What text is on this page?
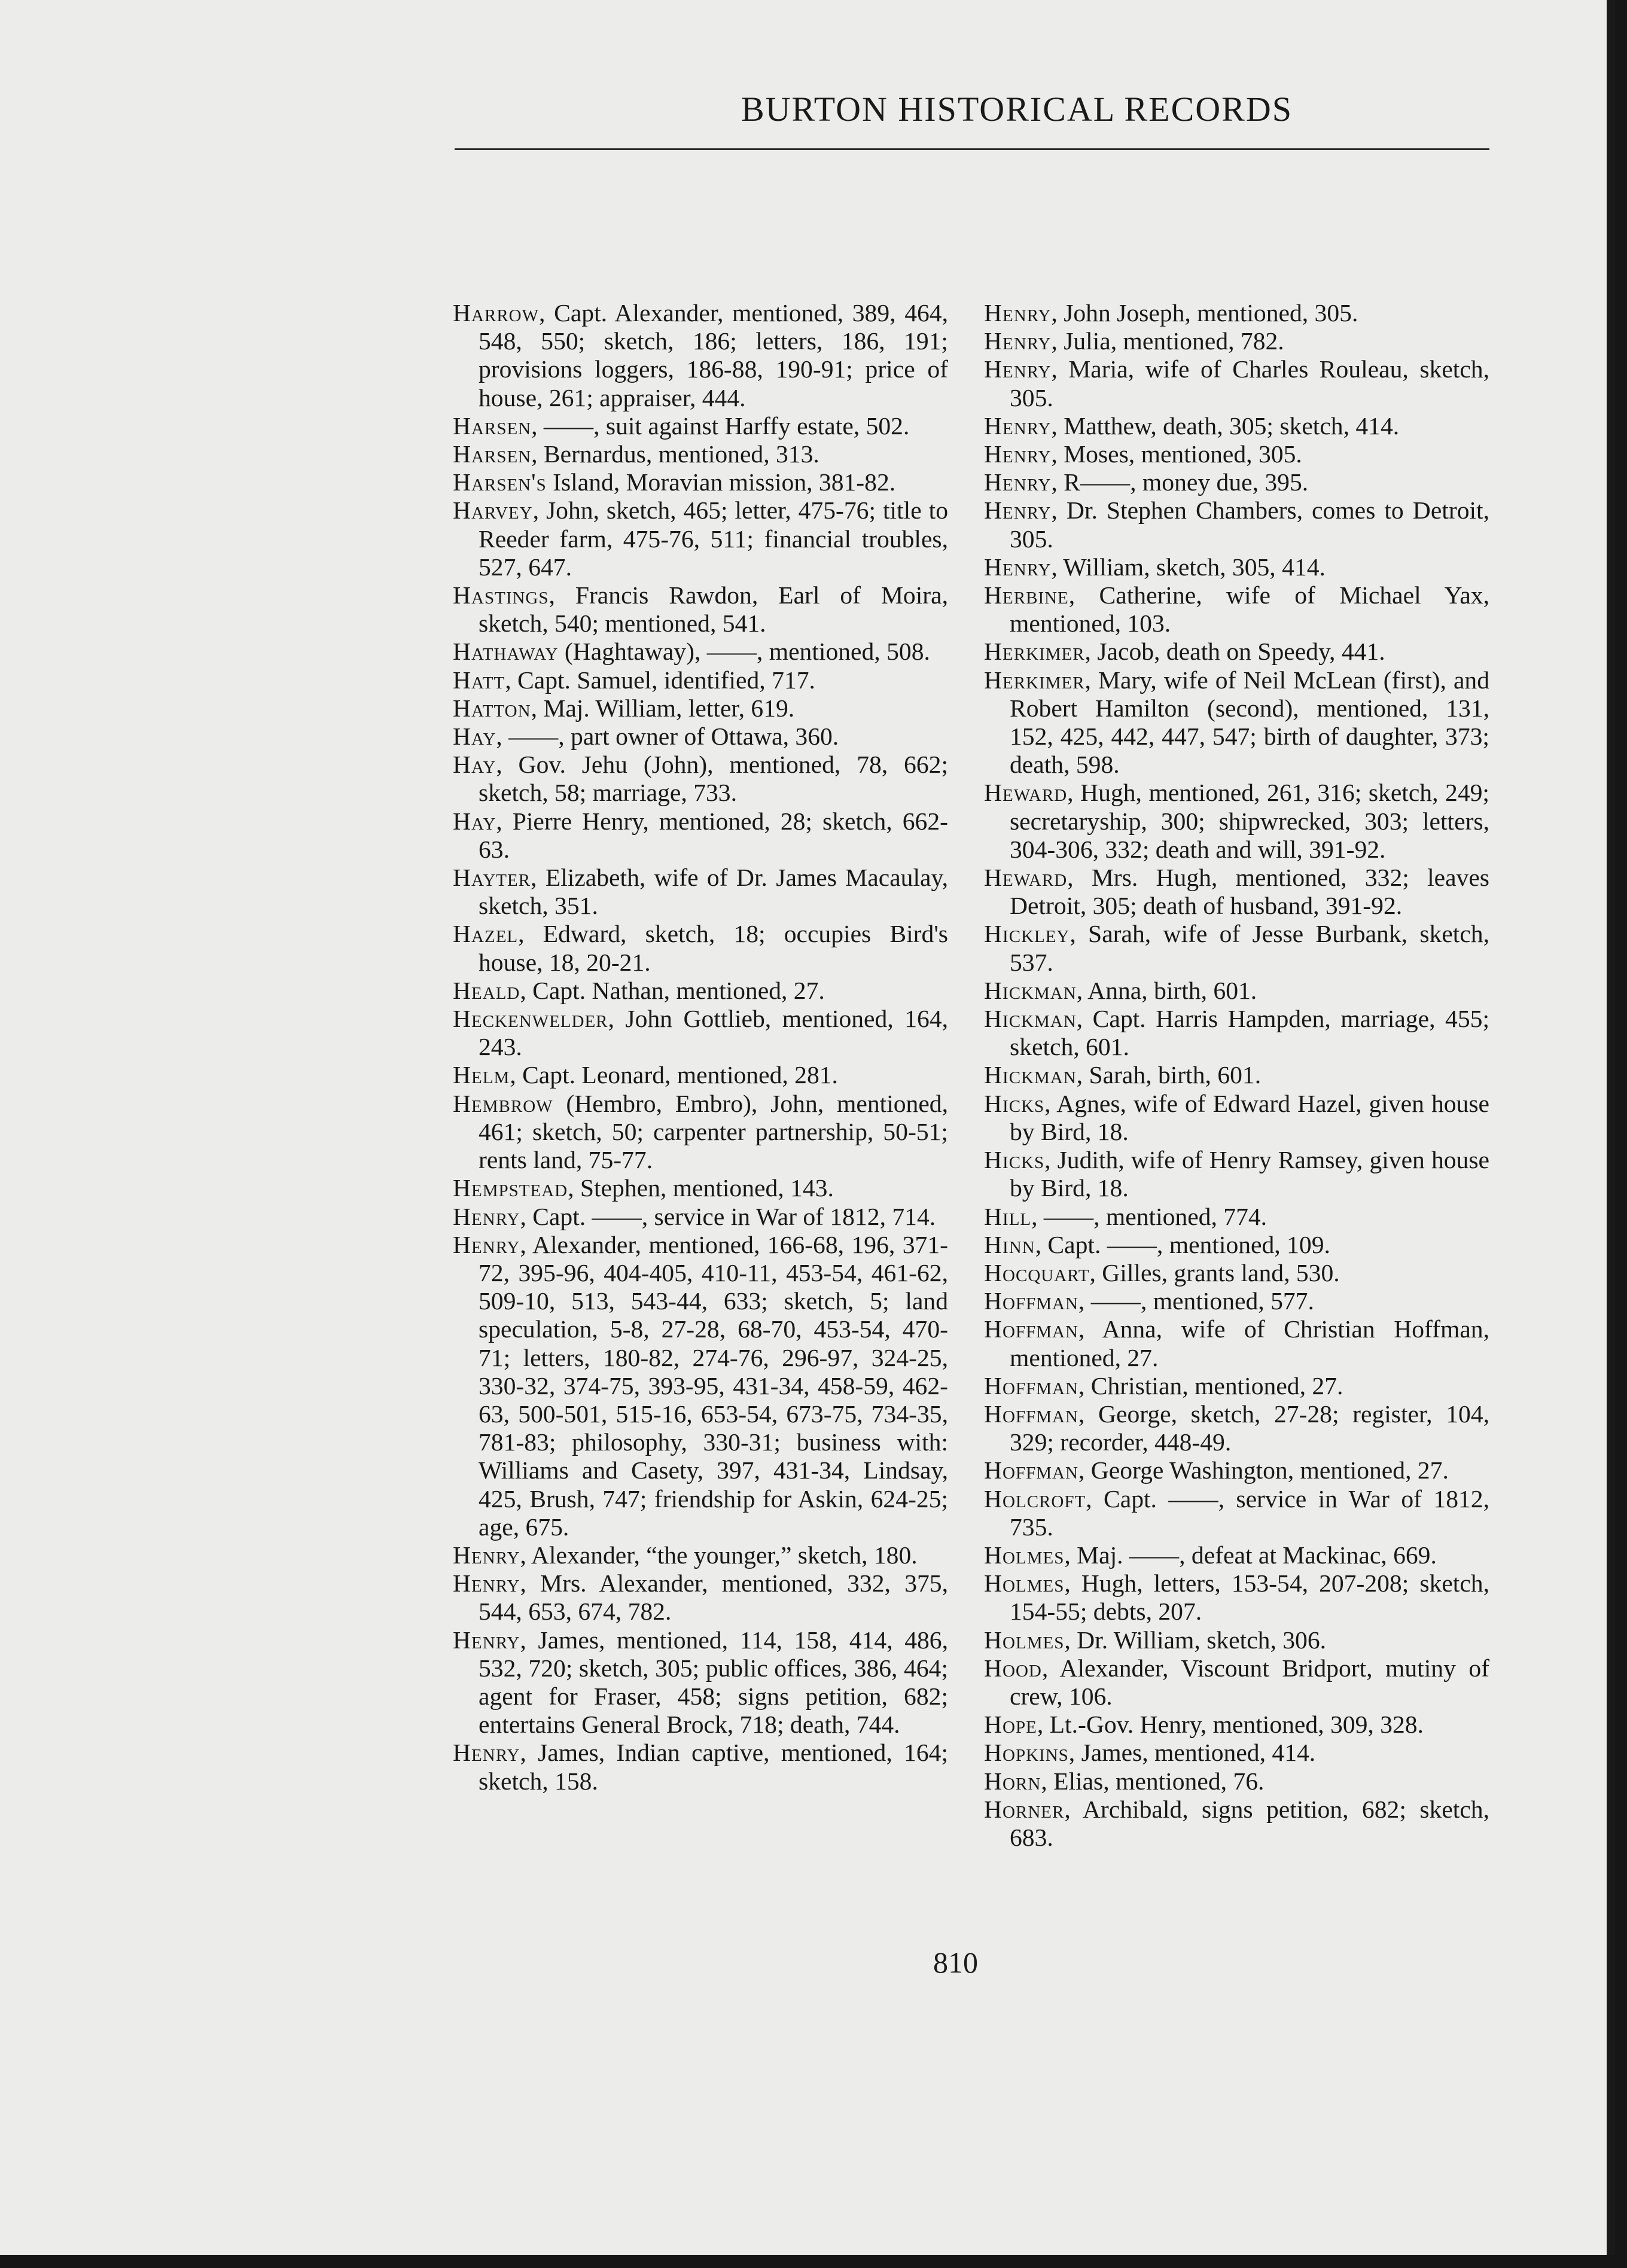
BURTON HISTORICAL RECORDS

Harrow, Capt. Alexander, mentioned, 389, 464, 548, 550; sketch, 186; letters, 186, 191; provisions loggers, 186-88, 190-91; price of house, 261; appraiser, 444.

Harsen, ——, suit against Harffy estate, 502.

Harsen, Bernardus, mentioned, 313.

Harsen's Island, Moravian mission, 381-82.

Harvey, John, sketch, 465; letter, 475-76; title to Reeder farm, 475-76, 511; financial troubles, 527, 647.

Hastings, Francis Rawdon, Earl of Moira, sketch, 540; mentioned, 541.

Hathaway (Haghtaway), ——, mentioned, 508.

Hatt, Capt. Samuel, identified, 717.

Hatton, Maj. William, letter, 619.

Hay, ——, part owner of Ottawa, 360.

Hay, Gov. Jehu (John), mentioned, 78, 662; sketch, 58; marriage, 733.

Hay, Pierre Henry, mentioned, 28; sketch, 662-63.

Hayter, Elizabeth, wife of Dr. James Macaulay, sketch, 351.

Hazel, Edward, sketch, 18; occupies Bird's house, 18, 20-21.

Heald, Capt. Nathan, mentioned, 27.

Heckenwelder, John Gottlieb, mentioned, 164, 243.

Helm, Capt. Leonard, mentioned, 281.

Hembrow (Hembro, Embro), John, mentioned, 461; sketch, 50; carpenter partnership, 50-51; rents land, 75-77.

Hempstead, Stephen, mentioned, 143.

Henry, Capt. ——, service in War of 1812, 714.

Henry, Alexander, mentioned, 166-68, 196, 371-72, 395-96, 404-405, 410-11, 453-54, 461-62, 509-10, 513, 543-44, 633; sketch, 5; land speculation, 5-8, 27-28, 68-70, 453-54, 470-71; letters, 180-82, 274-76, 296-97, 324-25, 330-32, 374-75, 393-95, 431-34, 458-59, 462-63, 500-501, 515-16, 653-54, 673-75, 734-35, 781-83; philosophy, 330-31; business with: Williams and Casety, 397, 431-34, Lindsay, 425, Brush, 747; friendship for Askin, 624-25; age, 675.

Henry, Alexander, “the younger,” sketch, 180.

Henry, Mrs. Alexander, mentioned, 332, 375, 544, 653, 674, 782.

Henry, James, mentioned, 114, 158, 414, 486, 532, 720; sketch, 305; public offices, 386, 464; agent for Fraser, 458; signs petition, 682; entertains General Brock, 718; death, 744.

Henry, James, Indian captive, mentioned, 164; sketch, 158.

Henry, John Joseph, mentioned, 305.

Henry, Julia, mentioned, 782.

Henry, Maria, wife of Charles Rouleau, sketch, 305.

Henry, Matthew, death, 305; sketch, 414.

Henry, Moses, mentioned, 305.

Henry, R——, money due, 395.

Henry, Dr. Stephen Chambers, comes to Detroit, 305.

Henry, William, sketch, 305, 414.

Herbine, Catherine, wife of Michael Yax, mentioned, 103.

Herkimer, Jacob, death on Speedy, 441.

Herkimer, Mary, wife of Neil McLean (first), and Robert Hamilton (second), mentioned, 131, 152, 425, 442, 447, 547; birth of daughter, 373; death, 598.

Heward, Hugh, mentioned, 261, 316; sketch, 249; secretaryship, 300; shipwrecked, 303; letters, 304-306, 332; death and will, 391-92.

Heward, Mrs. Hugh, mentioned, 332; leaves Detroit, 305; death of husband, 391-92.

Hickley, Sarah, wife of Jesse Burbank, sketch, 537.

Hickman, Anna, birth, 601.

Hickman, Capt. Harris Hampden, marriage, 455; sketch, 601.

Hickman, Sarah, birth, 601.

Hicks, Agnes, wife of Edward Hazel, given house by Bird, 18.

Hicks, Judith, wife of Henry Ramsey, given house by Bird, 18.

Hill, ——, mentioned, 774.

Hinn, Capt. ——, mentioned, 109.

Hocquart, Gilles, grants land, 530.

Hoffman, ——, mentioned, 577.

Hoffman, Anna, wife of Christian Hoffman, mentioned, 27.

Hoffman, Christian, mentioned, 27.

Hoffman, George, sketch, 27-28; register, 104, 329; recorder, 448-49.

Hoffman, George Washington, mentioned, 27.

Holcroft, Capt. ——, service in War of 1812, 735.

Holmes, Maj. ——, defeat at Mackinac, 669.

Holmes, Hugh, letters, 153-54, 207-208; sketch, 154-55; debts, 207.

Holmes, Dr. William, sketch, 306.

Hood, Alexander, Viscount Bridport, mutiny of crew, 106.

Hope, Lt.-Gov. Henry, mentioned, 309, 328.

Hopkins, James, mentioned, 414.

Horn, Elias, mentioned, 76.

Horner, Archibald, signs petition, 682; sketch, 683.

810
